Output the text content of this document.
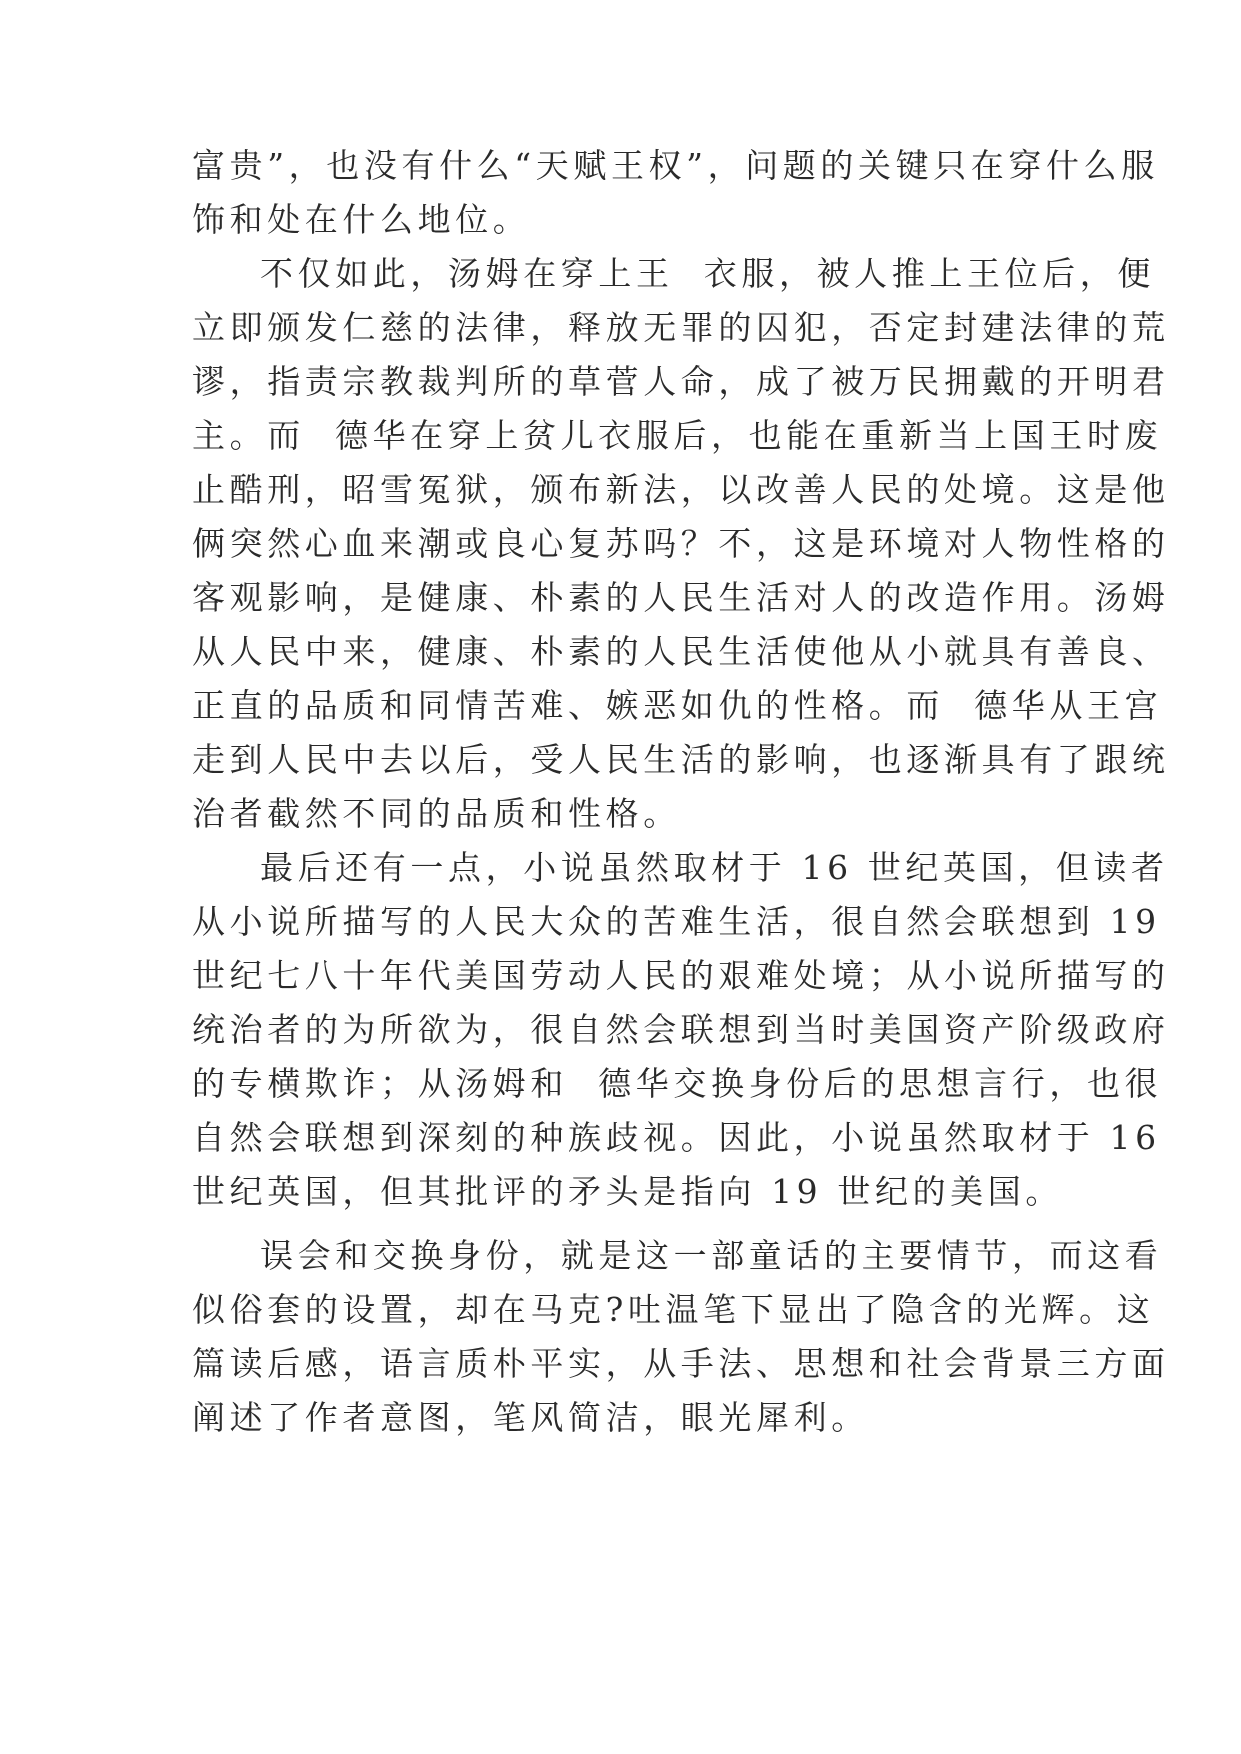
富贵”，也没有什么“天赋王权”，问题的关键只在穿什么服
饰和处在什么地位。
不仅如此，汤姆在穿上王  衣服，被人推上王位后，便
立即颁发仁慈的法律，释放无罪的囚犯，否定封建法律的荒
谬，指责宗教裁判所的草菅人命，成了被万民拥戴的开明君
主。而  德华在穿上贫儿衣服后，也能在重新当上国王时废
止酷刑，昭雪冤狱，颁布新法，以改善人民的处境。这是他
俩突然心血来潮或良心复苏吗？不，这是环境对人物性格的
客观影响，是健康、朴素的人民生活对人的改造作用。汤姆
从人民中来，健康、朴素的人民生活使他从小就具有善良、
正直的品质和同情苦难、嫉恶如仇的性格。而  德华从王宫
走到人民中去以后，受人民生活的影响，也逐渐具有了跟统
治者截然不同的品质和性格。
最后还有一点，小说虽然取材于 16 世纪英国，但读者
从小说所描写的人民大众的苦难生活，很自然会联想到 19
世纪七八十年代美国劳动人民的艰难处境；从小说所描写的
统治者的为所欲为，很自然会联想到当时美国资产阶级政府
的专横欺诈；从汤姆和  德华交换身份后的思想言行，也很
自然会联想到深刻的种族歧视。因此，小说虽然取材于 16
世纪英国，但其批评的矛头是指向 19 世纪的美国。
误会和交换身份，就是这一部童话的主要情节，而这看
似俗套的设置，却在马克?吐温笔下显出了隐含的光辉。这
篇读后感，语言质朴平实，从手法、思想和社会背景三方面
阐述了作者意图，笔风简洁，眼光犀利。
